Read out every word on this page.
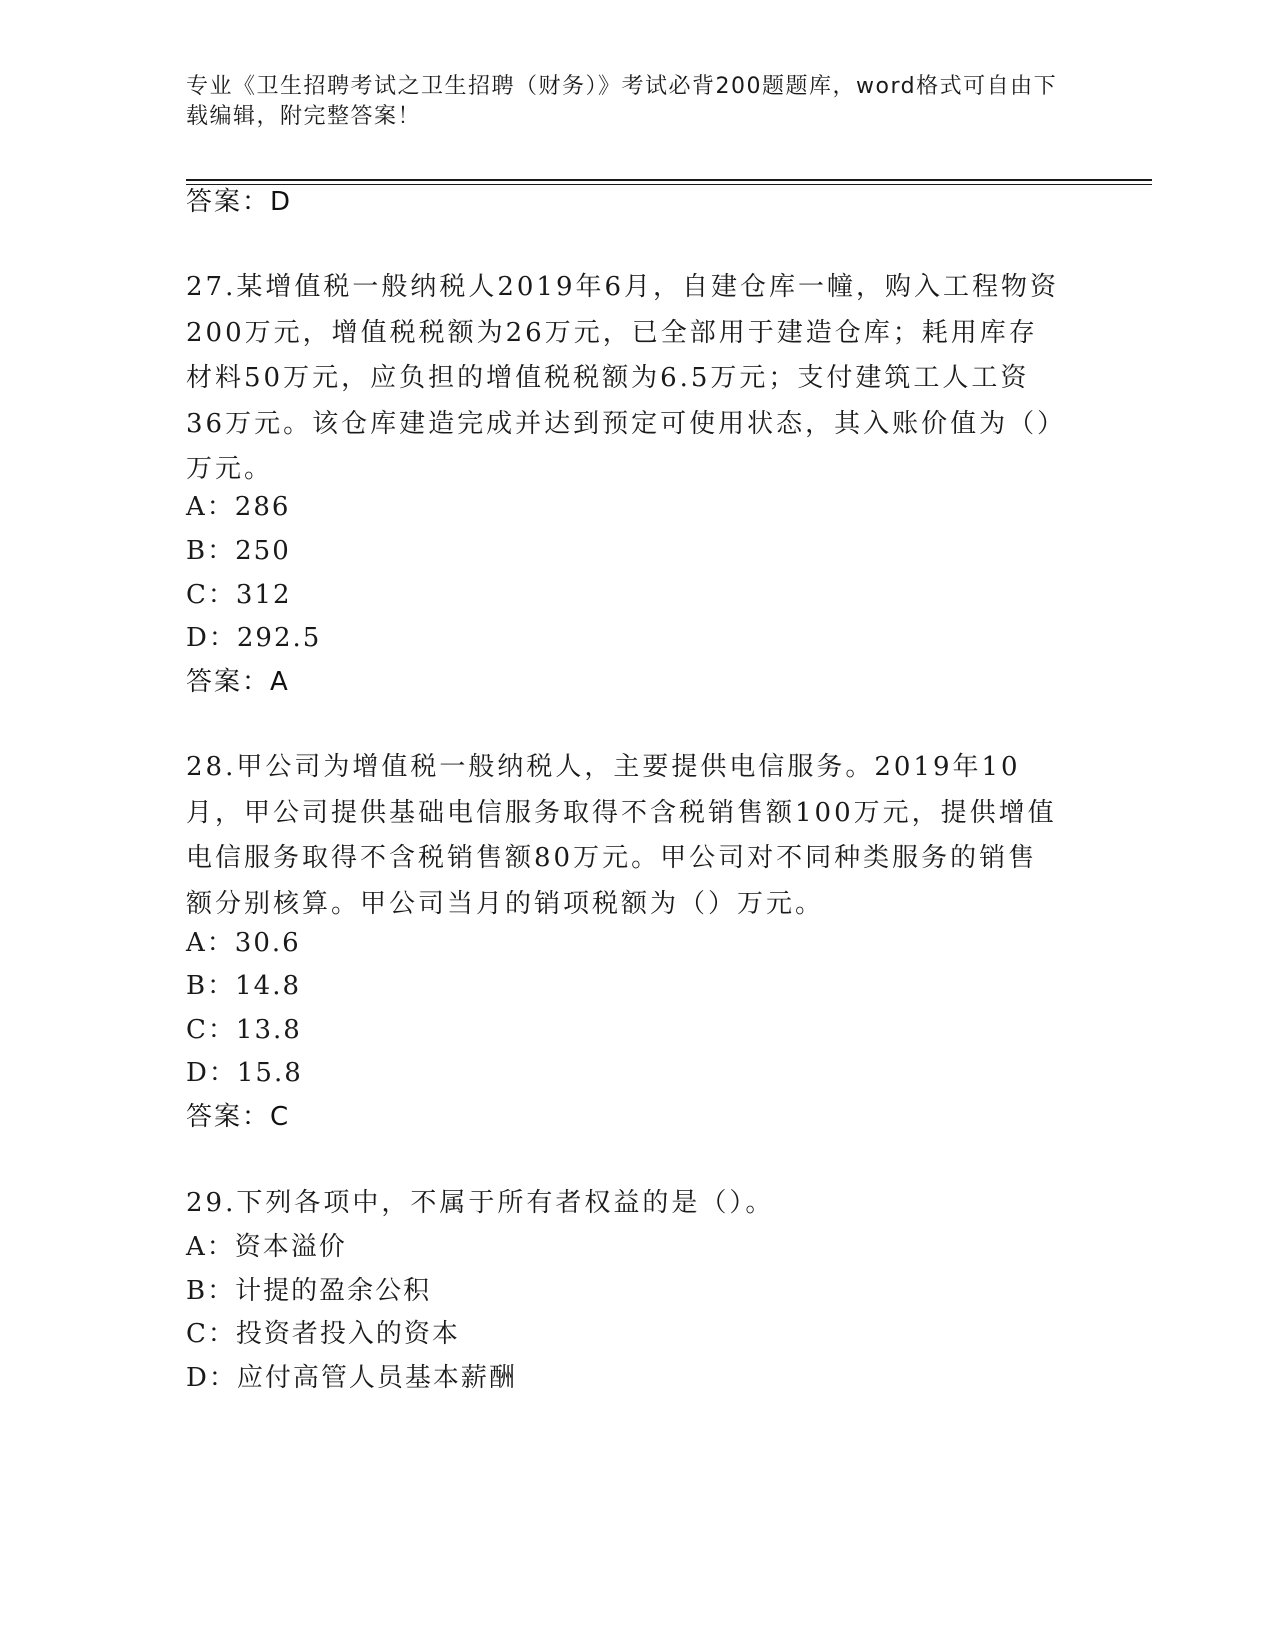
专业《卫生招聘考试之卫生招聘（财务）》考试必背200题题库，word格式可自由下载编辑，附完整答案！
答案：D
27.某增值税一般纳税人2019年6月，自建仓库一幢，购入工程物资200万元，增值税税额为26万元，已全部用于建造仓库；耗用库存材料50万元，应负担的增值税税额为6.5万元；支付建筑工人工资36万元。该仓库建造完成并达到预定可使用状态，其入账价值为（）万元。
A：286
B：250
C：312
D：292.5
答案：A
28.甲公司为增值税一般纳税人，主要提供电信服务。2019年10月，甲公司提供基础电信服务取得不含税销售额100万元，提供增值电信服务取得不含税销售额80万元。甲公司对不同种类服务的销售额分别核算。甲公司当月的销项税额为（）万元。
A：30.6
B：14.8
C：13.8
D：15.8
答案：C
29.下列各项中，不属于所有者权益的是（）。
A：资本溢价
B：计提的盈余公积
C：投资者投入的资本
D：应付高管人员基本薪酬
